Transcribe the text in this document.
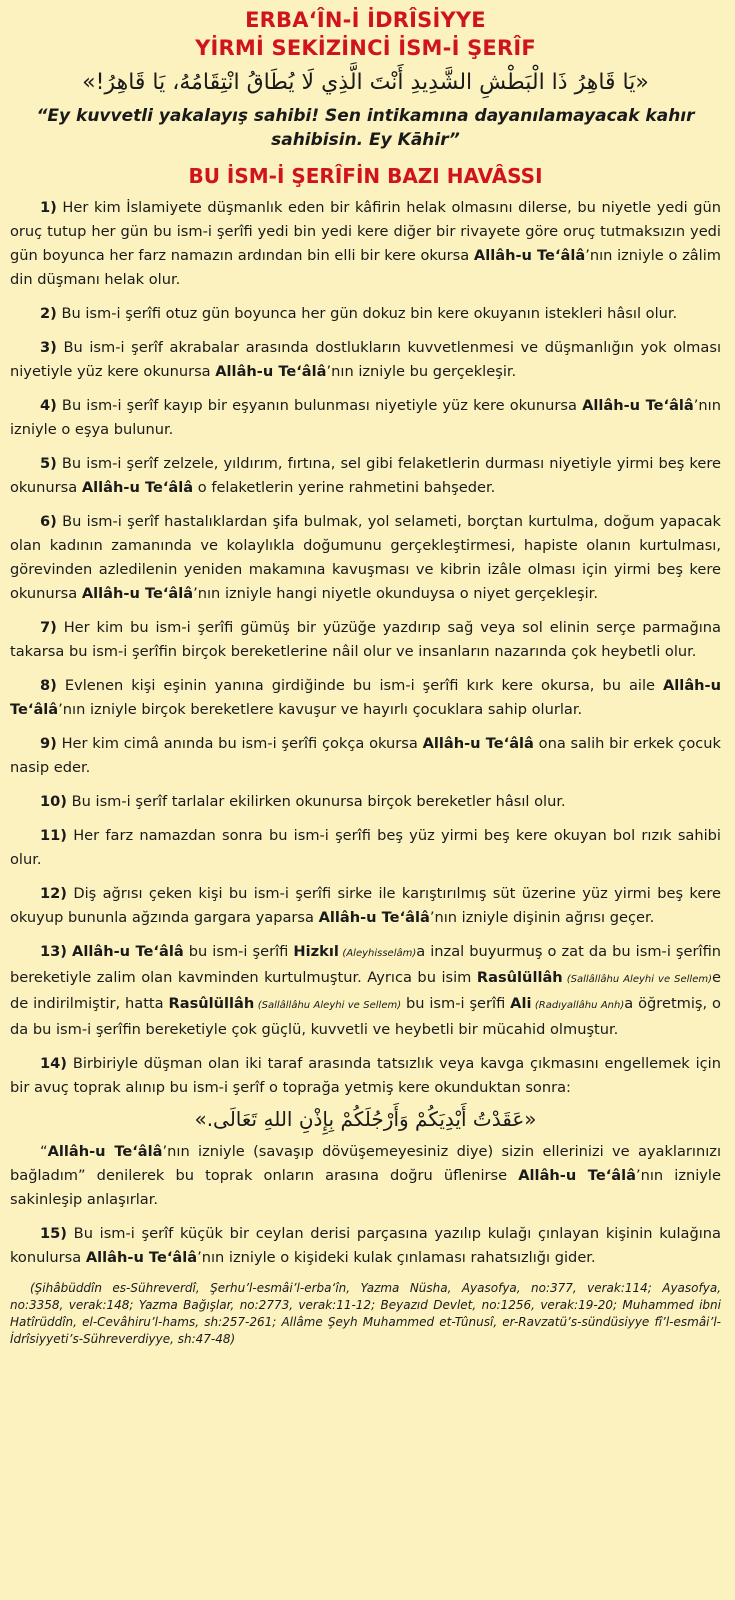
ERBA‘ÎN-İ İDRÎSİYYE
YİRMİ SEKİZİNCİ İSM-İ ŞERÎF
«يَا قَاهِرُ ذَا الْبَطْشِ الشَّدِيدِ أَنْتَ الَّذِي لَا يُطَاقُ انْتِقَامُهُ، يَا قَاهِرُ!»
“Ey kuvvetli yakalayış sahibi! Sen intikamına dayanılamayacak kahır sahibisin. Ey Kāhir”
BU İSM-İ ŞERÎFİN BAZI HAVÂSSI

1) Her kim İslamiyete düşmanlık eden bir kâfirin helak olmasını dilerse, bu niyetle yedi gün oruç tutup her gün bu ism-i şerîfi yedi bin yedi kere diğer bir rivayete göre oruç tutmaksızın yedi gün boyunca her farz namazın ardından bin elli bir kere okursa Allâh-u Te‘âlâ’nın izniyle o zâlim din düşmanı helak olur.

2) Bu ism-i şerîfi otuz gün boyunca her gün dokuz bin kere okuyanın istekleri hâsıl olur.

3) Bu ism-i şerîf akrabalar arasında dostlukların kuvvetlenmesi ve düşmanlığın yok olması niyetiyle yüz kere okunursa Allâh-u Te‘âlâ’nın izniyle bu gerçekleşir.

4) Bu ism-i şerîf kayıp bir eşyanın bulunması niyetiyle yüz kere okunursa Allâh-u Te‘âlâ’nın izniyle o eşya bulunur.

5) Bu ism-i şerîf zelzele, yıldırım, fırtına, sel gibi felaketlerin durması niyetiyle yirmi beş kere okunursa Allâh-u Te‘âlâ o felaketlerin yerine rahmetini bahşeder.

6) Bu ism-i şerîf hastalıklardan şifa bulmak, yol selameti, borçtan kurtulma, doğum yapacak olan kadının zamanında ve kolaylıkla doğumunu gerçekleştirmesi, hapiste olanın kurtulması, görevinden azledilenin yeniden makamına kavuşması ve kibrin izâle olması için yirmi beş kere okunursa Allâh-u Te‘âlâ’nın izniyle hangi niyetle okunduysa o niyet gerçekleşir.

7) Her kim bu ism-i şerîfi gümüş bir yüzüğe yazdırıp sağ veya sol elinin serçe parmağına takarsa bu ism-i şerîfin birçok bereketlerine nâil olur ve insanların nazarında çok heybetli olur.

8) Evlenen kişi eşinin yanına girdiğinde bu ism-i şerîfi kırk kere okursa, bu aile Allâh-u Te‘âlâ’nın izniyle birçok bereketlere kavuşur ve hayırlı çocuklara sahip olurlar.

9) Her kim cimâ anında bu ism-i şerîfi çokça okursa Allâh-u Te‘âlâ ona salih bir erkek çocuk nasip eder.

10) Bu ism-i şerîf tarlalar ekilirken okunursa birçok bereketler hâsıl olur.

11) Her farz namazdan sonra bu ism-i şerîfi beş yüz yirmi beş kere okuyan bol rızık sahibi olur.

12) Diş ağrısı çeken kişi bu ism-i şerîfi sirke ile karıştırılmış süt üzerine yüz yirmi beş kere okuyup bununla ağzında gargara yaparsa Allâh-u Te‘âlâ’nın izniyle dişinin ağrısı geçer.

13) Allâh-u Te‘âlâ bu ism-i şerîfi Hizkıl (Aleyhisselâm)a inzal buyurmuş o zat da bu ism-i şerîfin bereketiyle zalim olan kavminden kurtulmuştur. Ayrıca bu isim Rasûlüllâh (Sallâllâhu Aleyhi ve Sellem)e de indirilmiştir, hatta Rasûlüllâh (Sallâllâhu Aleyhi ve Sellem) bu ism-i şerîfi Ali (Radıyallâhu Anh)a öğretmiş, o da bu ism-i şerîfin bereketiyle çok güçlü, kuvvetli ve heybetli bir mücahid olmuştur.

14) Birbiriyle düşman olan iki taraf arasında tatsızlık veya kavga çıkmasını engellemek için bir avuç toprak alınıp bu ism-i şerîf o toprağa yetmiş kere okunduktan sonra:

«عَقَدْتُ أَيْدِيَكُمْ وَأَرْجُلَكُمْ بِإِذْنِ اللهِ تَعَالَى.»

“Allâh-u Te‘âlâ’nın izniyle (savaşıp dövüşemeyesiniz diye) sizin ellerinizi ve ayaklarınızı bağladım” denilerek bu toprak onların arasına doğru üflenirse Allâh-u Te‘âlâ’nın izniyle sakinleşip anlaşırlar.

15) Bu ism-i şerîf küçük bir ceylan derisi parçasına yazılıp kulağı çınlayan kişinin kulağına konulursa Allâh-u Te‘âlâ’nın izniyle o kişideki kulak çınlaması rahatsızlığı gider.

(Şihâbüddîn es-Sühreverdî, Şerhu’l-esmâi’l-erba‘în, Yazma Nüsha, Ayasofya, no:377, verak:114; Ayasofya, no:3358, verak:148; Yazma Bağışlar, no:2773, verak:11-12; Beyazıd Devlet, no:1256, verak:19-20; Muhammed ibni Hatîrüddîn, el-Cevâhiru’l-hams, sh:257-261; Allâme Şeyh Muhammed et-Tûnusî, er-Ravzatü’s-sündüsiyye fî’l-esmâi’l-İdrîsiyyeti’s-Sühreverdiyye, sh:47-48)
